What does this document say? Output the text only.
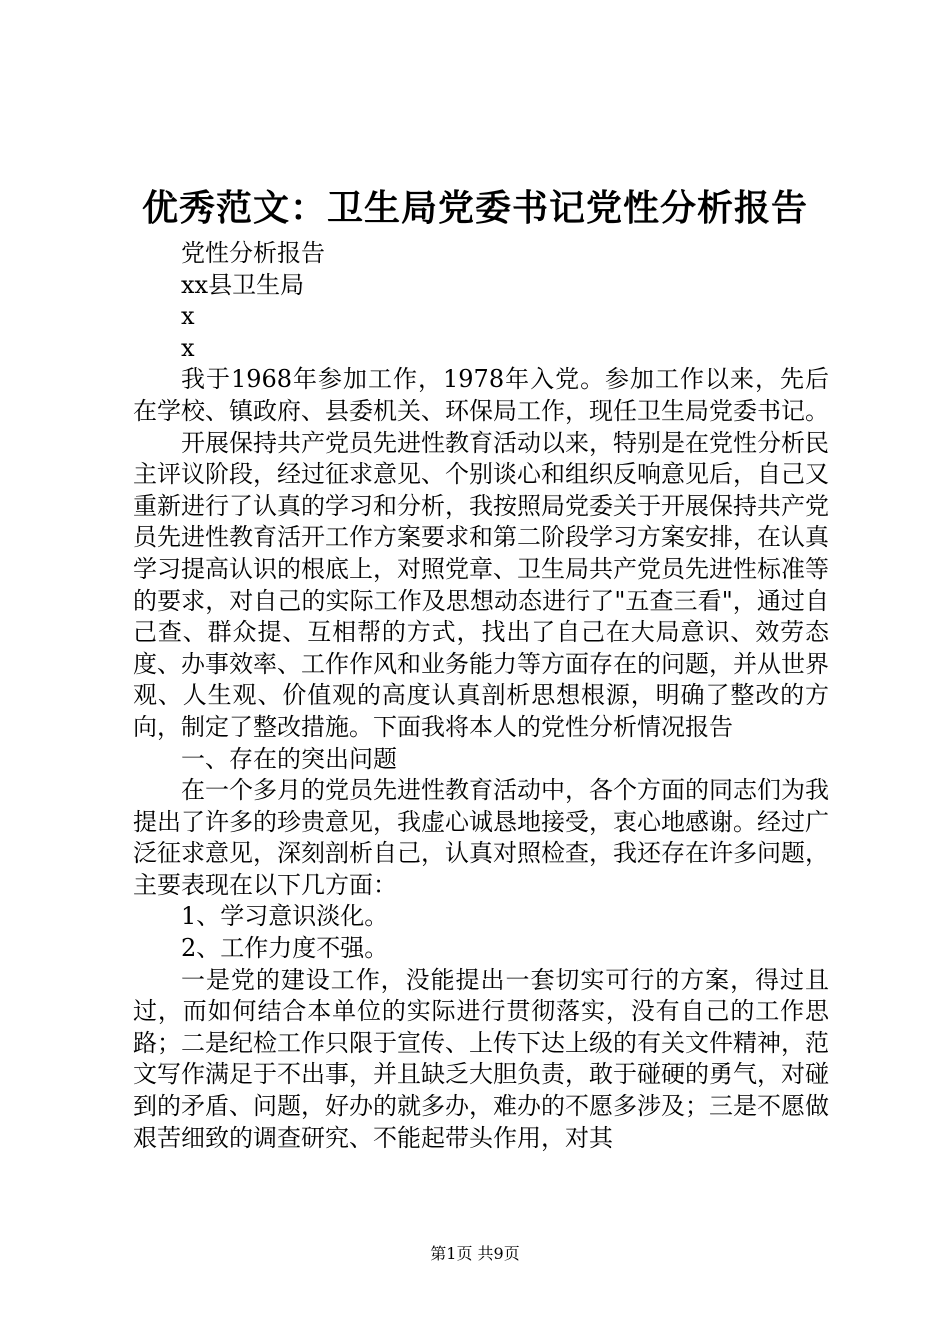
优秀范文：卫生局党委书记党性分析报告

党性分析报告

xx县卫生局

x

x

我于1968年参加工作，1978年入党。参加工作以来，先后在学校、镇政府、县委机关、环保局工作，现任卫生局党委书记。

开展保持共产党员先进性教育活动以来，特别是在党性分析民主评议阶段，经过征求意见、个别谈心和组织反响意见后，自己又重新进行了认真的学习和分析，我按照局党委关于开展保持共产党员先进性教育活开工作方案要求和第二阶段学习方案安排，在认真学习提高认识的根底上，对照党章、卫生局共产党员先进性标准等的要求，对自己的实际工作及思想动态进行了"五查三看"，通过自己查、群众提、互相帮的方式，找出了自己在大局意识、效劳态度、办事效率、工作作风和业务能力等方面存在的问题，并从世界观、人生观、价值观的高度认真剖析思想根源，明确了整改的方向，制定了整改措施。下面我将本人的党性分析情况报告

一、存在的突出问题

在一个多月的党员先进性教育活动中，各个方面的同志们为我提出了许多的珍贵意见，我虚心诚恳地接受，衷心地感谢。经过广泛征求意见，深刻剖析自己，认真对照检查，我还存在许多问题，主要表现在以下几方面：

1、学习意识淡化。

2、工作力度不强。

一是党的建设工作，没能提出一套切实可行的方案，得过且过，而如何结合本单位的实际进行贯彻落实，没有自己的工作思路；二是纪检工作只限于宣传、上传下达上级的有关文件精神，范文写作满足于不出事，并且缺乏大胆负责，敢于碰硬的勇气，对碰到的矛盾、问题，好办的就多办，难办的不愿多涉及；三是不愿做艰苦细致的调查研究、不能起带头作用，对其

第1页 共9页
